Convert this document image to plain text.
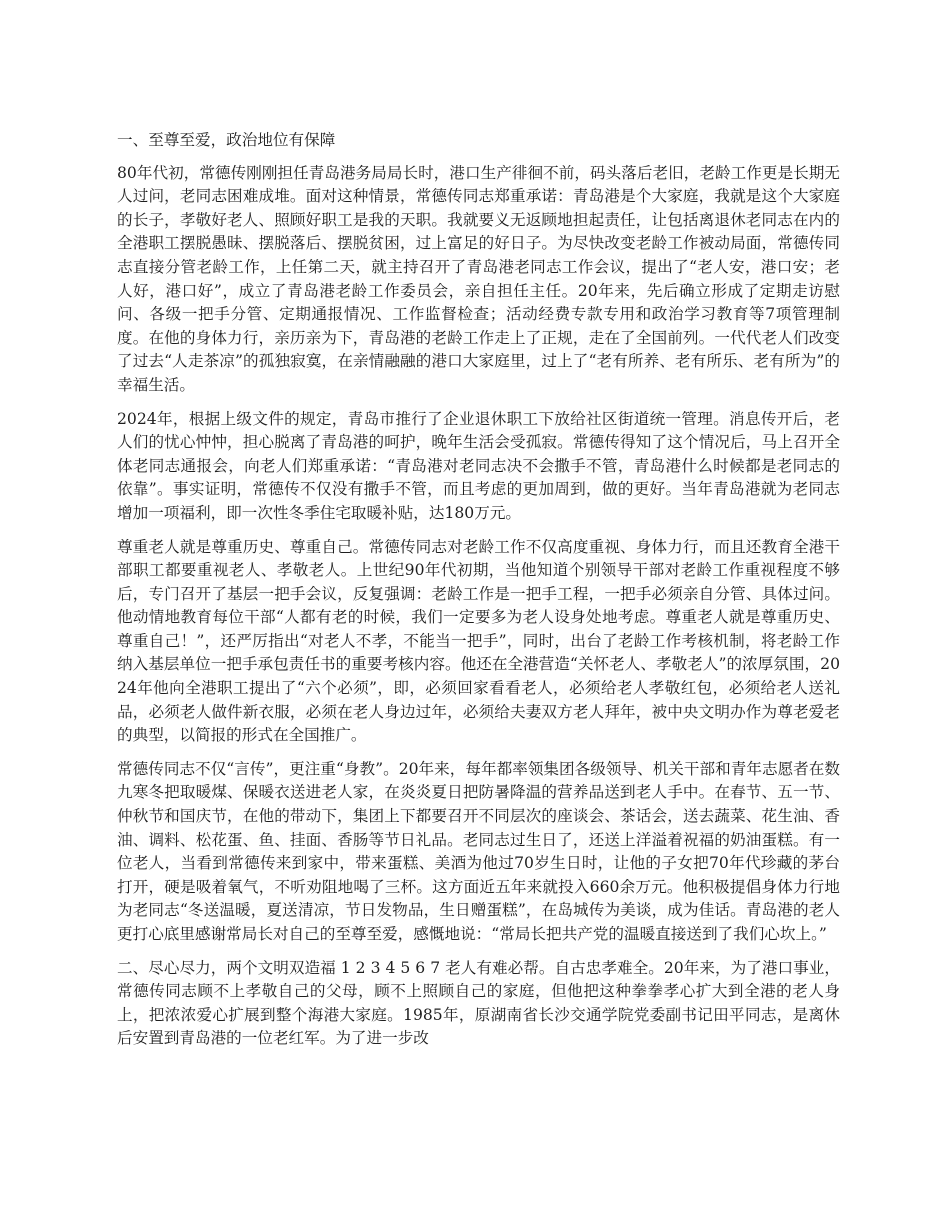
一、至尊至爱，政治地位有保障

80年代初，常德传刚刚担任青岛港务局局长时，港口生产徘徊不前，码头落后老旧，老龄工作更是长期无人过问，老同志困难成堆。面对这种情景，常德传同志郑重承诺：青岛港是个大家庭，我就是这个大家庭的长子，孝敬好老人、照顾好职工是我的天职。我就要义无返顾地担起责任，让包括离退休老同志在内的全港职工摆脱愚昧、摆脱落后、摆脱贫困，过上富足的好日子。为尽快改变老龄工作被动局面，常德传同志直接分管老龄工作，上任第二天，就主持召开了青岛港老同志工作会议，提出了“老人安，港口安；老人好，港口好”，成立了青岛港老龄工作委员会，亲自担任主任。20年来，先后确立形成了定期走访慰问、各级一把手分管、定期通报情况、工作监督检查；活动经费专款专用和政治学习教育等7项管理制度。在他的身体力行，亲历亲为下，青岛港的老龄工作走上了正规，走在了全国前列。一代代老人们改变了过去“人走茶凉”的孤独寂寞，在亲情融融的港口大家庭里，过上了“老有所养、老有所乐、老有所为”的幸福生活。

2024年，根据上级文件的规定，青岛市推行了企业退休职工下放给社区街道统一管理。消息传开后，老人们的忧心忡忡，担心脱离了青岛港的呵护，晚年生活会受孤寂。常德传得知了这个情况后，马上召开全体老同志通报会，向老人们郑重承诺：“青岛港对老同志决不会撒手不管，青岛港什么时候都是老同志的依靠”。事实证明，常德传不仅没有撒手不管，而且考虑的更加周到，做的更好。当年青岛港就为老同志增加一项福利，即一次性冬季住宅取暖补贴，达180万元。

尊重老人就是尊重历史、尊重自己。常德传同志对老龄工作不仅高度重视、身体力行，而且还教育全港干部职工都要重视老人、孝敬老人。上世纪90年代初期，当他知道个别领导干部对老龄工作重视程度不够后，专门召开了基层一把手会议，反复强调：老龄工作是一把手工程，一把手必须亲自分管、具体过问。他动情地教育每位干部“人都有老的时候，我们一定要多为老人设身处地考虑。尊重老人就是尊重历史、尊重自己！”，还严厉指出“对老人不孝，不能当一把手”，同时，出台了老龄工作考核机制，将老龄工作纳入基层单位一把手承包责任书的重要考核内容。他还在全港营造“关怀老人、孝敬老人”的浓厚氛围，2024年他向全港职工提出了“六个必须”，即，必须回家看看老人，必须给老人孝敬红包，必须给老人送礼品，必须老人做件新衣服，必须在老人身边过年，必须给夫妻双方老人拜年，被中央文明办作为尊老爱老的典型，以简报的形式在全国推广。

常德传同志不仅“言传”，更注重“身教”。20年来，每年都率领集团各级领导、机关干部和青年志愿者在数九寒冬把取暖煤、保暖衣送进老人家，在炎炎夏日把防暑降温的营养品送到老人手中。在春节、五一节、仲秋节和国庆节，在他的带动下，集团上下都要召开不同层次的座谈会、茶话会，送去蔬菜、花生油、香油、调料、松花蛋、鱼、挂面、香肠等节日礼品。老同志过生日了，还送上洋溢着祝福的奶油蛋糕。有一位老人，当看到常德传来到家中，带来蛋糕、美酒为他过70岁生日时，让他的子女把70年代珍藏的茅台打开，硬是吸着氧气，不听劝阻地喝了三杯。这方面近五年来就投入660余万元。他积极提倡身体力行地为老同志“冬送温暖，夏送清凉，节日发物品，生日赠蛋糕”，在岛城传为美谈，成为佳话。青岛港的老人更打心底里感谢常局长对自己的至尊至爱，感慨地说：“常局长把共产党的温暖直接送到了我们心坎上。”

二、尽心尽力，两个文明双造福 1 2 3 4 5 6 7 老人有难必帮。自古忠孝难全。20年来，为了港口事业，常德传同志顾不上孝敬自己的父母，顾不上照顾自己的家庭，但他把这种拳拳孝心扩大到全港的老人身上，把浓浓爱心扩展到整个海港大家庭。1985年，原湖南省长沙交通学院党委副书记田平同志，是离休后安置到青岛港的一位老红军。为了进一步改
